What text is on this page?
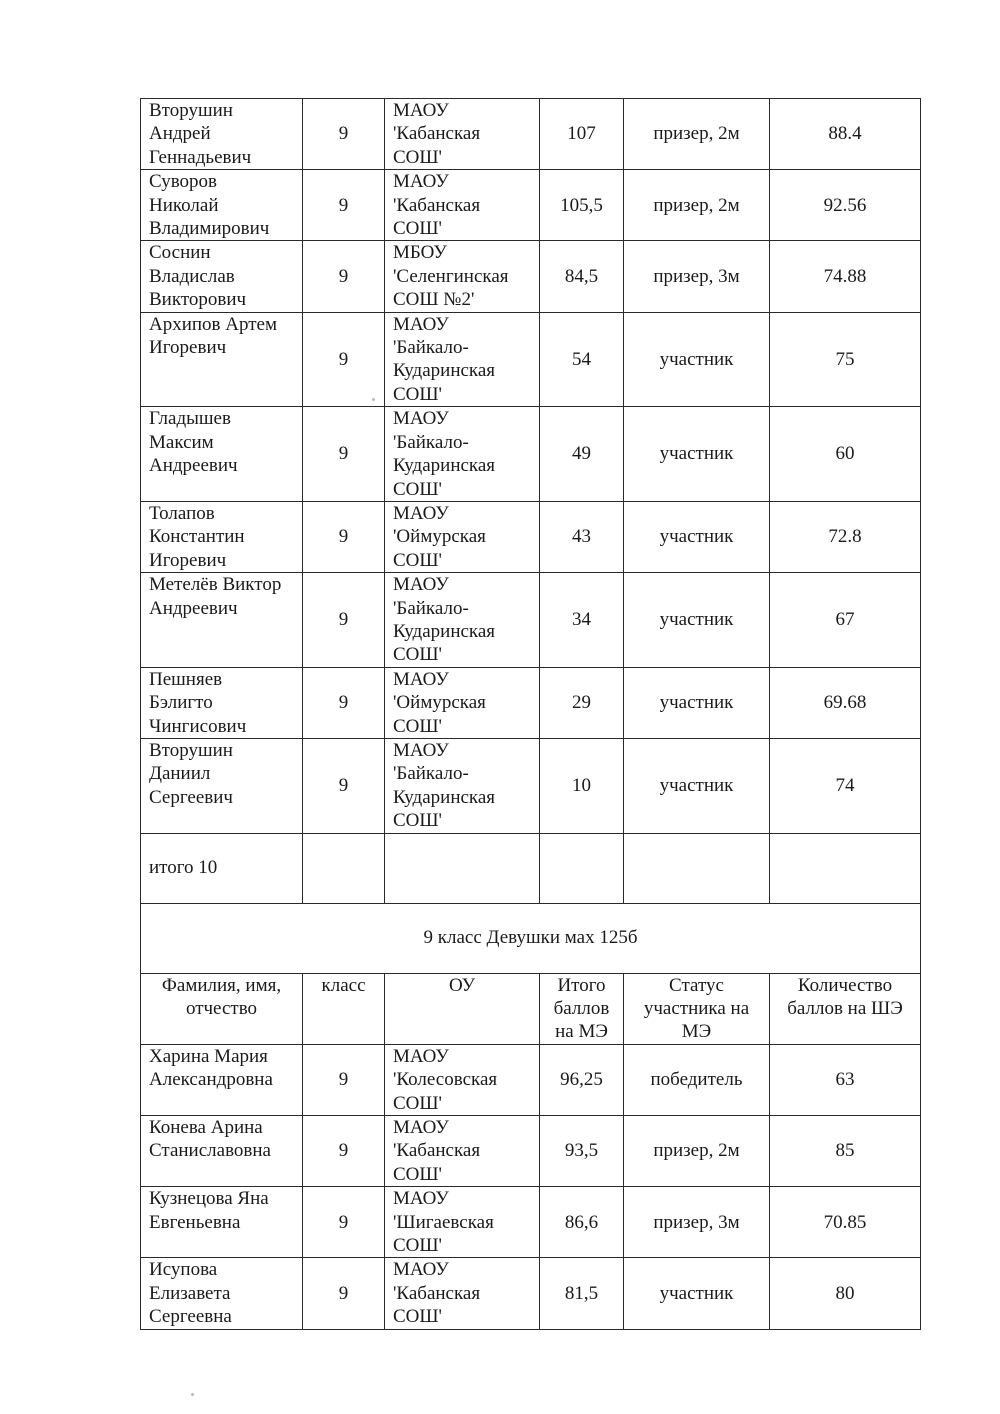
Вторушин
Андрей
Геннадьевич	9	МАОУ
'Кабанская
СОШ'	107	призер, 2м	88.4

Суворов
Николай
Владимирович	9	МАОУ
'Кабанская
СОШ'	105,5	призер, 2м	92.56

Соснин
Владислав
Викторович	9	МБОУ
'Селенгинская
СОШ №2'	84,5	призер, 3м	74.88

Архипов Артем
Игоревич	9	МАОУ
'Байкало-
Кударинская
СОШ'	54	участник	75

Гладышев
Максим
Андреевич	9	МАОУ
'Байкало-
Кударинская
СОШ'	49	участник	60

Толапов
Константин
Игоревич	9	МАОУ
'Оймурская
СОШ'	43	участник	72.8

Метелёв Виктор
Андреевич	9	МАОУ
'Байкало-
Кударинская
СОШ'	34	участник	67

Пешняев
Бэлигто
Чингисович	9	МАОУ
'Оймурская
СОШ'	29	участник	69.68

Вторушин
Даниил
Сергеевич	9	МАОУ
'Байкало-
Кударинская
СОШ'	10	участник	74
итого 10					
9 класс Девушки мах 125б					

Фамилия, имя,
отчество	класс	ОУ	Итого
баллов
на МЭ	Статус
участника на
МЭ	Количество
баллов на ШЭ

Харина Мария
Александровна	9	МАОУ
'Колесовская
СОШ'	96,25	победитель	63

Конева Арина
Станиславовна	9	МАОУ
'Кабанская
СОШ'	93,5	призер, 2м	85

Кузнецова Яна
Евгеньевна	9	МАОУ
'Шигаевская
СОШ'	86,6	призер, 3м	70.85

Исупова
Елизавета
Сергеевна	9	МАОУ
'Кабанская
СОШ'	81,5	участник	80
